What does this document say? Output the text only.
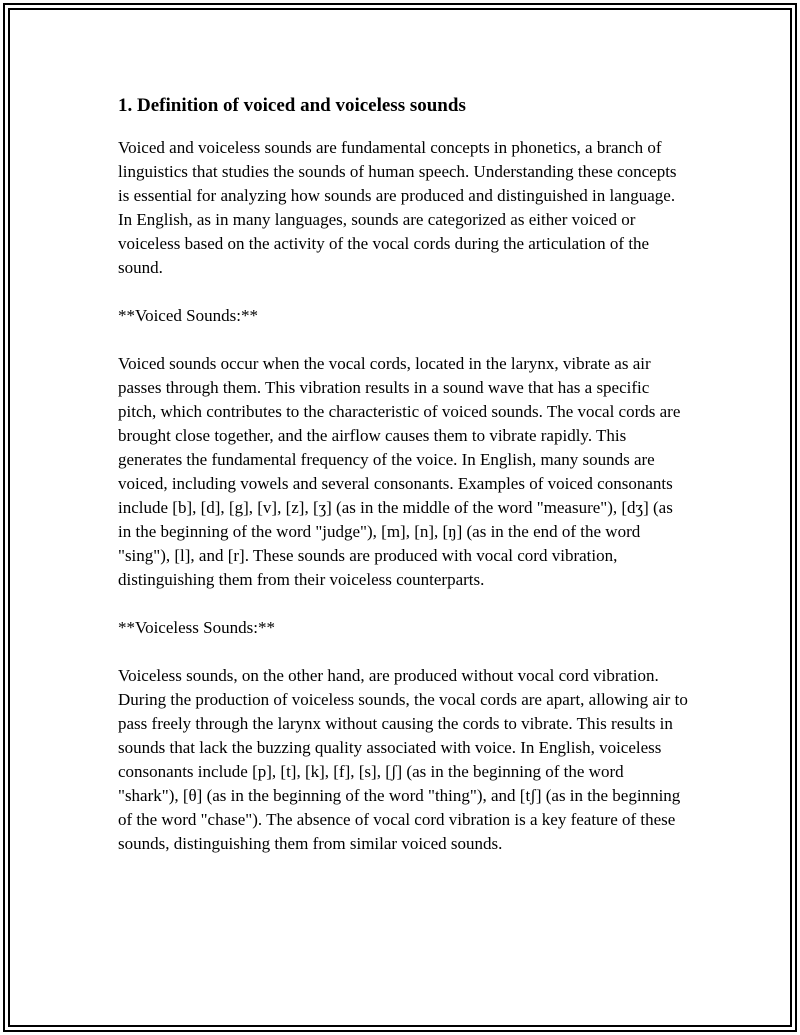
1. Definition of voiced and voiceless sounds

Voiced and voiceless sounds are fundamental concepts in phonetics, a branch of linguistics that studies the sounds of human speech. Understanding these concepts is essential for analyzing how sounds are produced and distinguished in language. In English, as in many languages, sounds are categorized as either voiced or voiceless based on the activity of the vocal cords during the articulation of the sound.

**Voiced Sounds:**

Voiced sounds occur when the vocal cords, located in the larynx, vibrate as air passes through them. This vibration results in a sound wave that has a specific pitch, which contributes to the characteristic of voiced sounds. The vocal cords are brought close together, and the airflow causes them to vibrate rapidly. This generates the fundamental frequency of the voice. In English, many sounds are voiced, including vowels and several consonants. Examples of voiced consonants include [b], [d], [g], [v], [z], [ʒ] (as in the middle of the word "measure"), [dʒ] (as in the beginning of the word "judge"), [m], [n], [ŋ] (as in the end of the word "sing"), [l], and [r]. These sounds are produced with vocal cord vibration, distinguishing them from their voiceless counterparts.

**Voiceless Sounds:**

Voiceless sounds, on the other hand, are produced without vocal cord vibration. During the production of voiceless sounds, the vocal cords are apart, allowing air to pass freely through the larynx without causing the cords to vibrate. This results in sounds that lack the buzzing quality associated with voice. In English, voiceless consonants include [p], [t], [k], [f], [s], [ʃ] (as in the beginning of the word "shark"), [θ] (as in the beginning of the word "thing"), and [tʃ] (as in the beginning of the word "chase"). The absence of vocal cord vibration is a key feature of these sounds, distinguishing them from similar voiced sounds.
